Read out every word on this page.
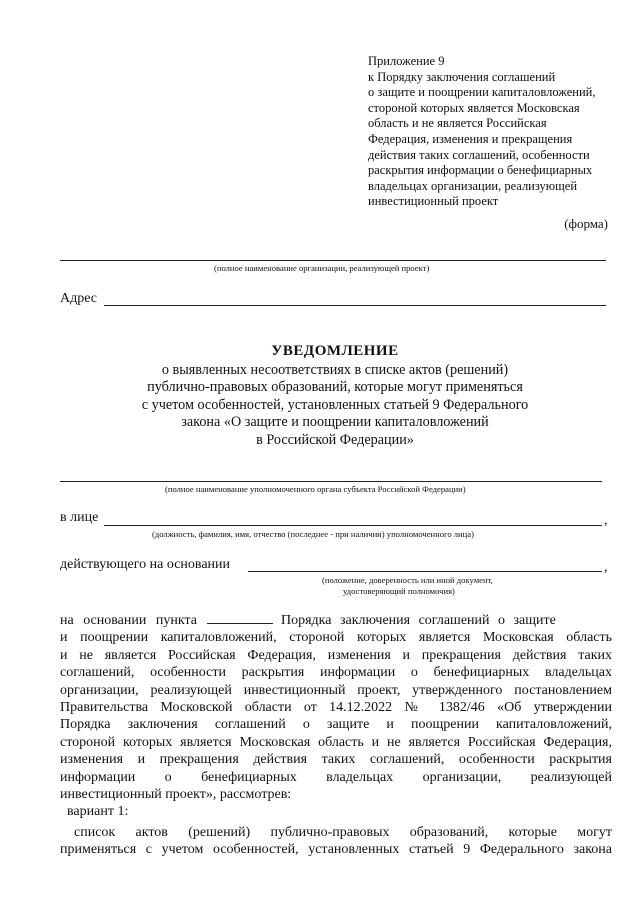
Приложение 9
к Порядку заключения соглашений
о защите и поощрении капиталовложений,
стороной которых является Московская
область и не является Российская
Федерация, изменения и прекращения
действия таких соглашений, особенности
раскрытия информации о бенефициарных
владельцах организации, реализующей
инвестиционный проект
(форма)
(полное наименование организации, реализующей проект)
Адрес
УВЕДОМЛЕНИЕ
о выявленных несоответствиях в списке актов (решений)
публично-правовых образований, которые могут применяться
с учетом особенностей, установленных статьей 9 Федерального
закона «О защите и поощрении капиталовложений
в Российской Федерации»
(полное наименование уполномоченного органа субъекта Российской Федерации)
в лице	,
(должность, фамилия, имя, отчество (последнее - при наличии) уполномоченного лица)
действующего на основании	,
(положение, доверенность или иной документ,
удостоверяющий полномочия)
на основании пункта	Порядка заключения соглашений о защите
и поощрении капиталовложений, стороной которых является Московская область
и не является Российская Федерация, изменения и прекращения действия таких
соглашений, особенности раскрытия информации о бенефициарных владельцах
организации, реализующей инвестиционный проект, утвержденного постановлением
Правительства Московской области от 14.12.2022 № 1382/46 «Об утверждении
Порядка заключения соглашений о защите и поощрении капиталовложений,
стороной которых является Московская область и не является Российская Федерация,
изменения и прекращения действия таких соглашений, особенности раскрытия
информации о бенефициарных владельцах организации, реализующей
инвестиционный проект», рассмотрев:
вариант 1:
список актов (решений) публично-правовых образований, которые могут
применяться с учетом особенностей, установленных статьей 9 Федерального закона
